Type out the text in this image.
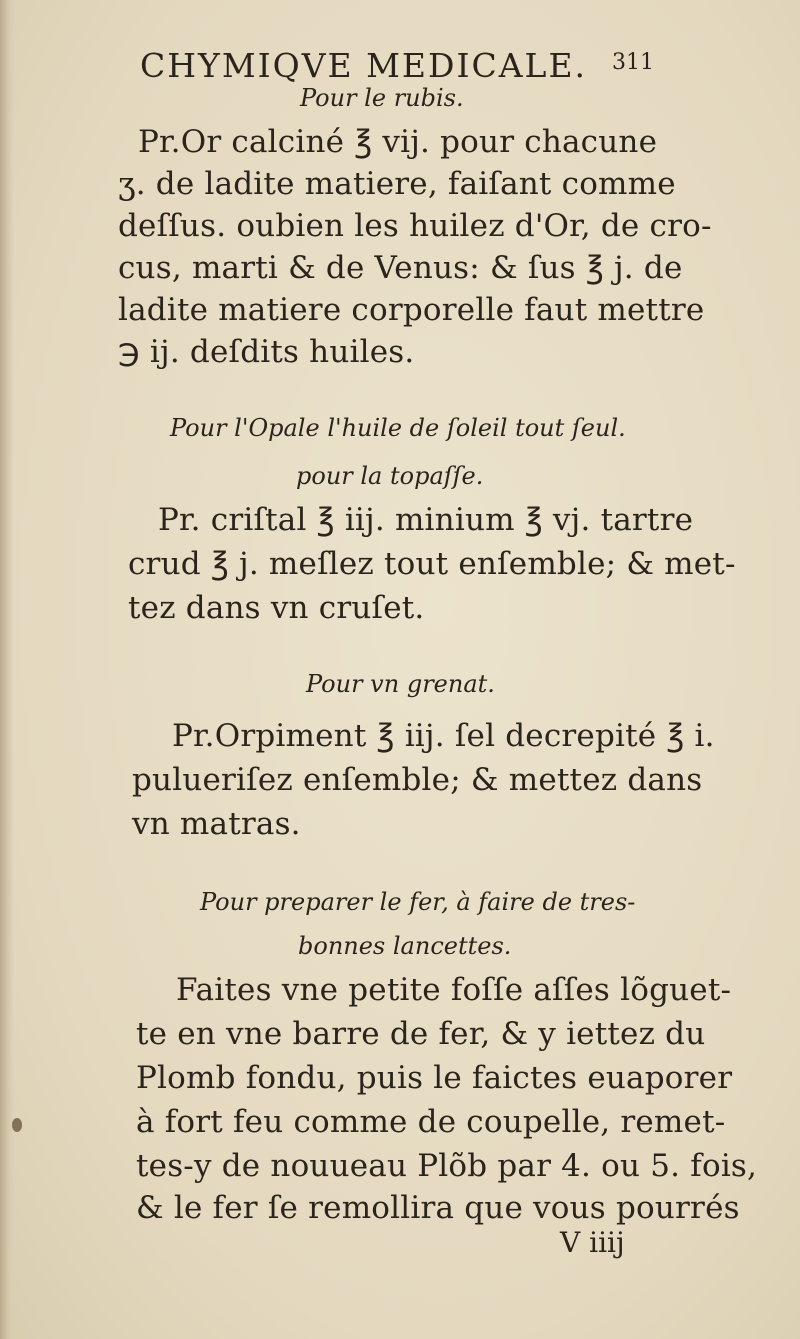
CHYMIQVE MEDICALE. 311
Pour le rubis.
Pr.Or calciné ℥ vij. pour chacune
ʒ. de ladite matiere, faiſant comme
deſſus. oubien les huilez d'Or, de cro-
cus, marti & de Venus: & ſus ℥ j. de
ladite matiere corporelle faut mettre
℈ ij. deſdits huiles.
Pour l'Opale l'huile de ſoleil tout ſeul.
pour la topaſſe.
Pr. criſtal ℥ iij. minium ℥ vj. tartre
crud ℥ j. meſlez tout enſemble; & met-
tez dans vn cruſet.
Pour vn grenat.
Pr.Orpiment ℥ iij. ſel decrepité ℥ i.
pulueriſez enſemble; & mettez dans
vn matras.
Pour preparer le fer, à faire de tres-
bonnes lancettes.
Faites vne petite foſſe aſſes lõguet-
te en vne barre de fer, & y iettez du
Plomb fondu, puis le faictes euaporer
à fort feu comme de coupelle, remet-
tes-y de nouueau Plõb par 4. ou 5. fois,
& le fer ſe remollira que vous pourrés
V iiij
